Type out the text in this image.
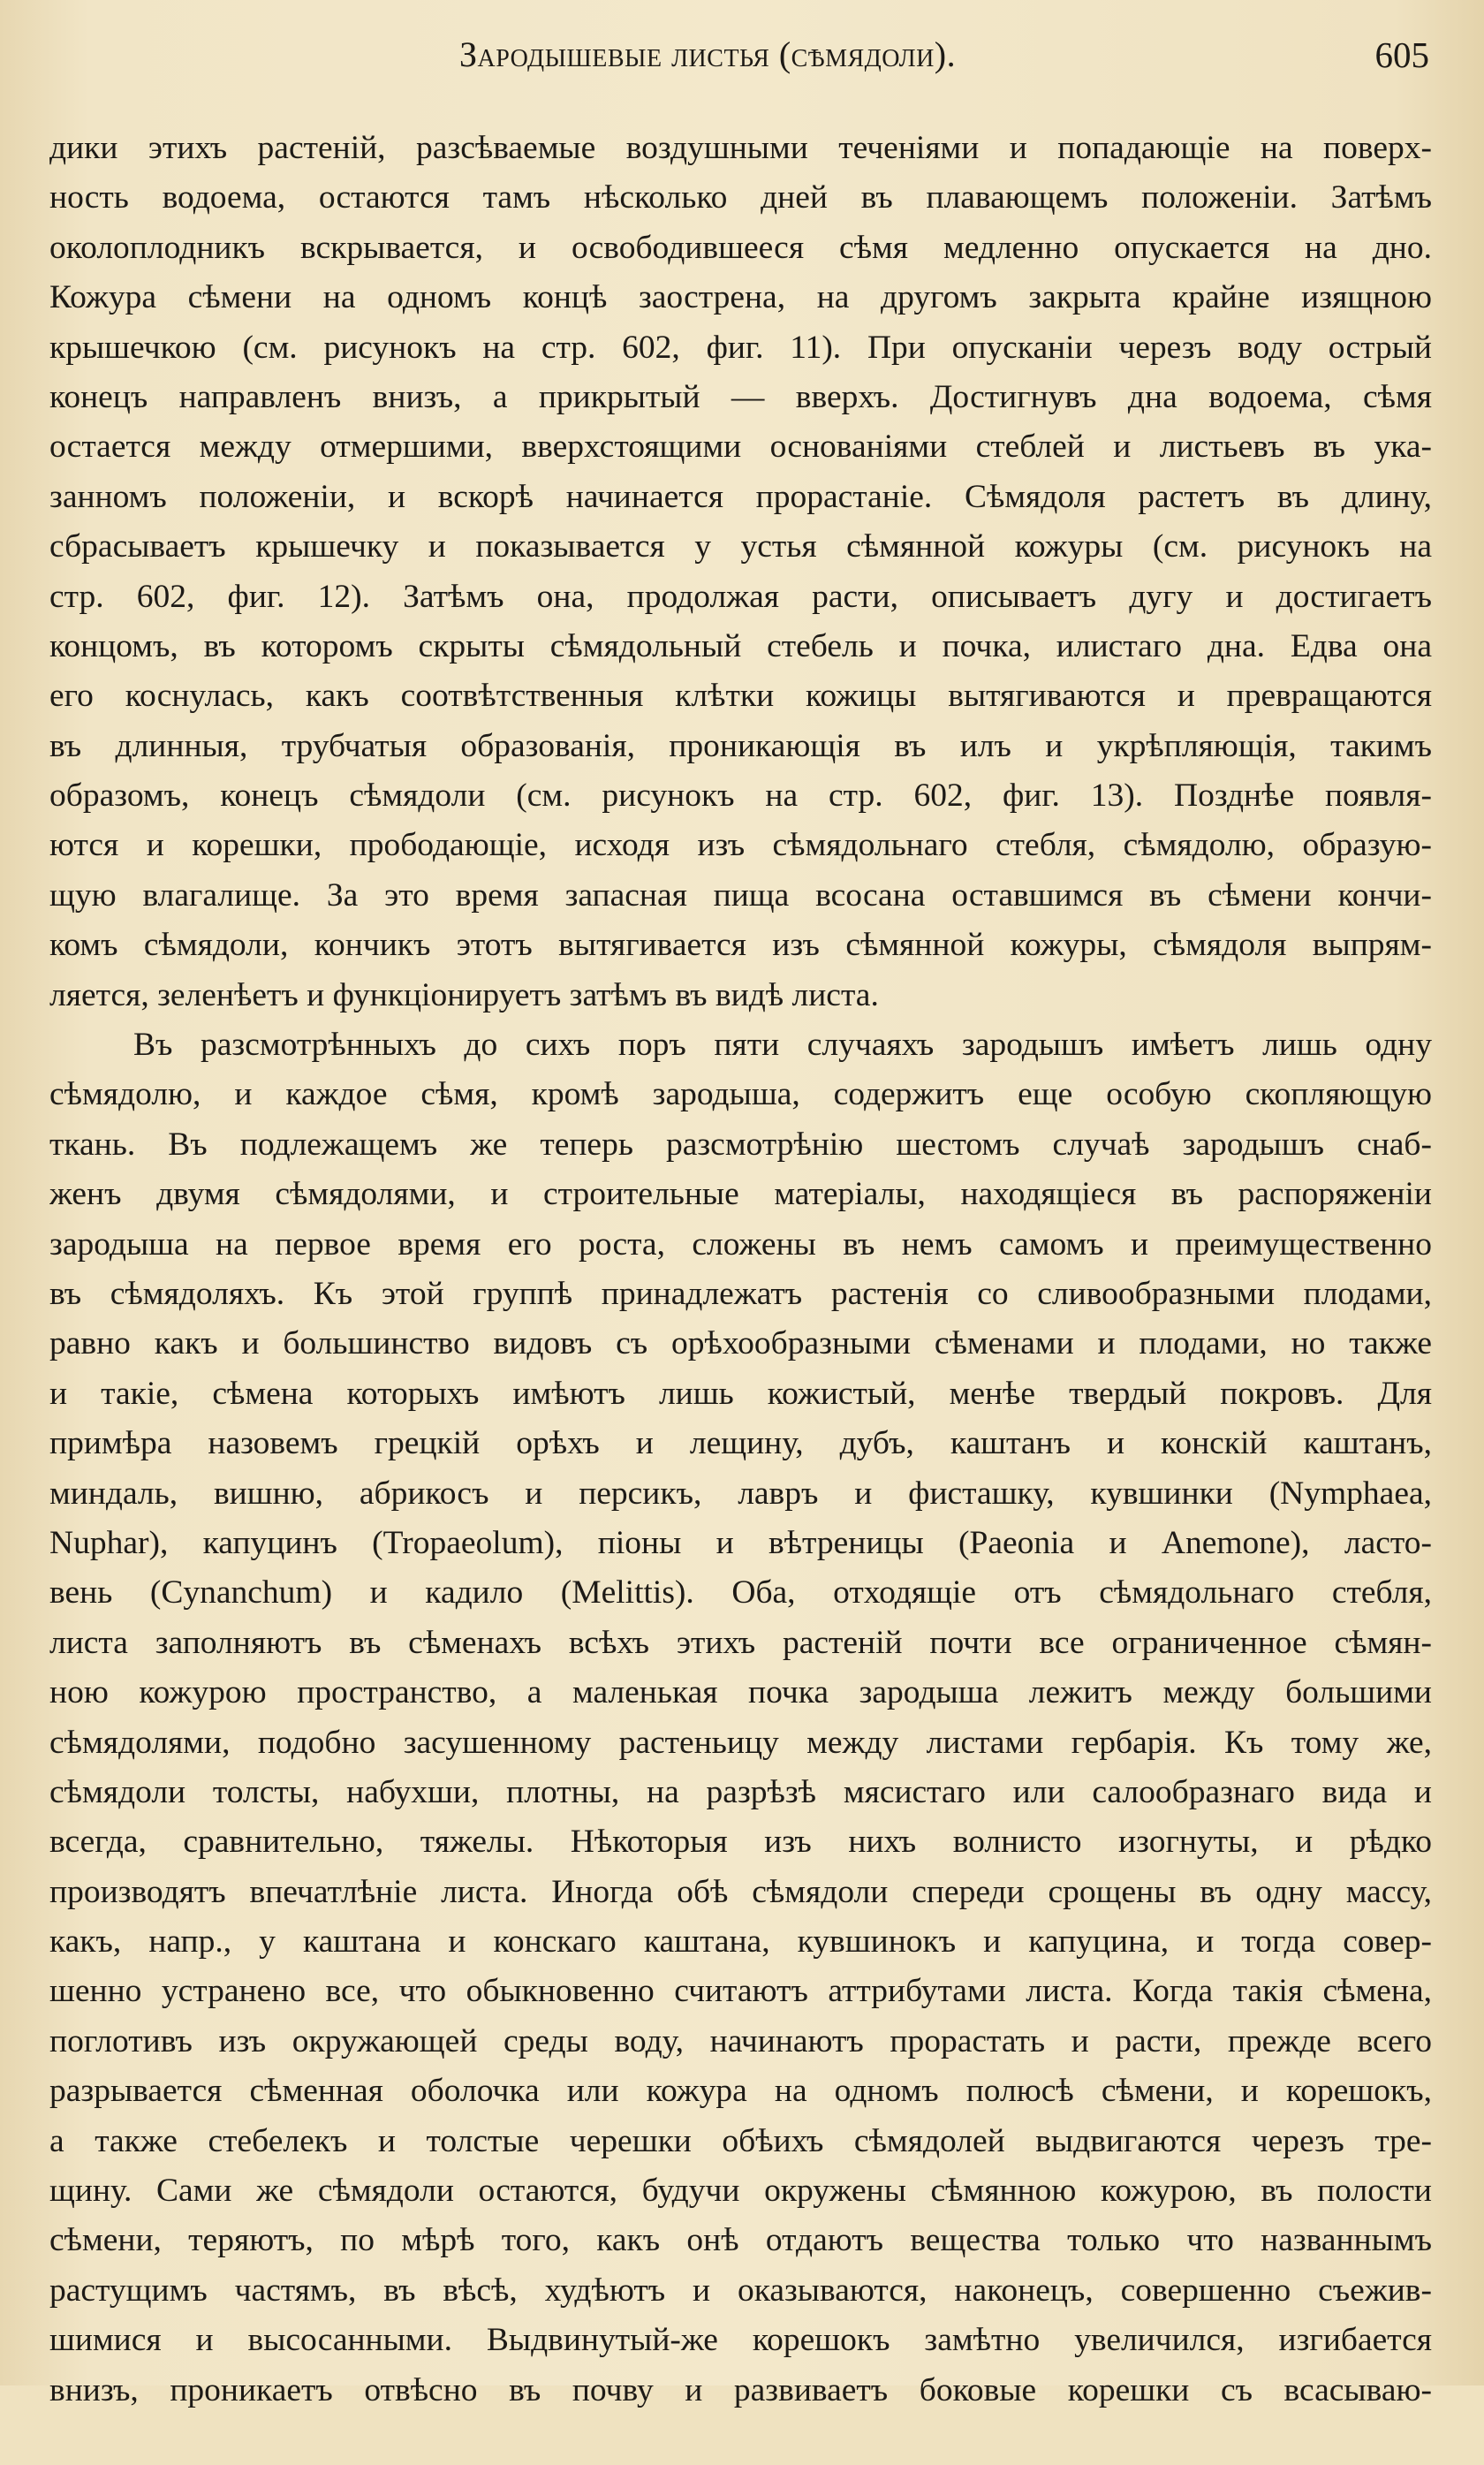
Зародышевые листья (сѣмядоли).	605
дики этихъ растеній, разсѣваемые воздушными теченіями и попадающіе на поверх-
ность водоема, остаются тамъ нѣсколько дней въ плавающемъ положеніи. Затѣмъ
околоплодникъ вскрывается, и освободившееся сѣмя медленно опускается на дно.
Кожура сѣмени на одномъ концѣ заострена, на другомъ закрыта крайне изящною
крышечкою (см. рисунокъ на стр. 602, фиг. 11). При опусканіи черезъ воду острый
конецъ направленъ внизъ, а прикрытый — вверхъ. Достигнувъ дна водоема, сѣмя
остается между отмершими, вверхстоящими основаніями стеблей и листьевъ въ ука-
занномъ положеніи, и вскорѣ начинается прорастаніе. Сѣмядоля растетъ въ длину,
сбрасываетъ крышечку и показывается у устья сѣмянной кожуры (см. рисунокъ на
стр. 602, фиг. 12). Затѣмъ она, продолжая расти, описываетъ дугу и достигаетъ
концомъ, въ которомъ скрыты сѣмядольный стебель и почка, илистаго дна. Едва она
его коснулась, какъ соотвѣтственныя клѣтки кожицы вытягиваются и превращаются
въ длинныя, трубчатыя образованія, проникающія въ илъ и укрѣпляющія, такимъ
образомъ, конецъ сѣмядоли (см. рисунокъ на стр. 602, фиг. 13). Позднѣе появля-
ются и корешки, прободающіе, исходя изъ сѣмядольнаго стебля, сѣмядолю, образую-
щую влагалище. За это время запасная пища всосана оставшимся въ сѣмени кончи-
комъ сѣмядоли, кончикъ этотъ вытягивается изъ сѣмянной кожуры, сѣмядоля выпрям-
ляется, зеленѣетъ и функціонируетъ затѣмъ въ видѣ листа.
Въ разсмотрѣнныхъ до сихъ поръ пяти случаяхъ зародышъ имѣетъ лишь одну
сѣмядолю, и каждое сѣмя, кромѣ зародыша, содержитъ еще особую скопляющую
ткань. Въ подлежащемъ же теперь разсмотрѣнію шестомъ случаѣ зародышъ снаб-
женъ двумя сѣмядолями, и строительные матеріалы, находящіеся въ распоряженіи
зародыша на первое время его роста, сложены въ немъ самомъ и преимущественно
въ сѣмядоляхъ. Къ этой группѣ принадлежатъ растенія со сливообразными плодами,
равно какъ и большинство видовъ съ орѣхообразными сѣменами и плодами, но также
и такіе, сѣмена которыхъ имѣютъ лишь кожистый, менѣе твердый покровъ. Для
примѣра назовемъ грецкій орѣхъ и лещину, дубъ, каштанъ и конскій каштанъ,
миндаль, вишню, абрикосъ и персикъ, лавръ и фисташку, кувшинки (Nymphaea,
Nuphar), капуцинъ (Tropaeolum), піоны и вѣтреницы (Paeonia и Anemone), ласто-
вень (Cynanchum) и кадило (Melittis). Оба, отходящіе отъ сѣмядольнаго стебля,
листа заполняютъ въ сѣменахъ всѣхъ этихъ растеній почти все ограниченное сѣмян-
ною кожурою пространство, а маленькая почка зародыша лежитъ между большими
сѣмядолями, подобно засушенному растеньицу между листами гербарія. Къ тому же,
сѣмядоли толсты, набухши, плотны, на разрѣзѣ мясистаго или салообразнаго вида и
всегда, сравнительно, тяжелы. Нѣкоторыя изъ нихъ волнисто изогнуты, и рѣдко
производятъ впечатлѣніе листа. Иногда обѣ сѣмядоли спереди срощены въ одну массу,
какъ, напр., у каштана и конскаго каштана, кувшинокъ и капуцина, и тогда совер-
шенно устранено все, что обыкновенно считаютъ аттрибутами листа. Когда такія сѣмена,
поглотивъ изъ окружающей среды воду, начинаютъ прорастать и расти, прежде всего
разрывается сѣменная оболочка или кожура на одномъ полюсѣ сѣмени, и корешокъ,
а также стебелекъ и толстые черешки обѣихъ сѣмядолей выдвигаются черезъ тре-
щину. Сами же сѣмядоли остаются, будучи окружены сѣмянною кожурою, въ полости
сѣмени, теряютъ, по мѣрѣ того, какъ онѣ отдаютъ вещества только что названнымъ
растущимъ частямъ, въ вѣсѣ, худѣютъ и оказываются, наконецъ, совершенно съежив-
шимися и высосанными. Выдвинутый-же корешокъ замѣтно увеличился, изгибается
внизъ, проникаетъ отвѣсно въ почву и развиваетъ боковые корешки съ всасываю-
